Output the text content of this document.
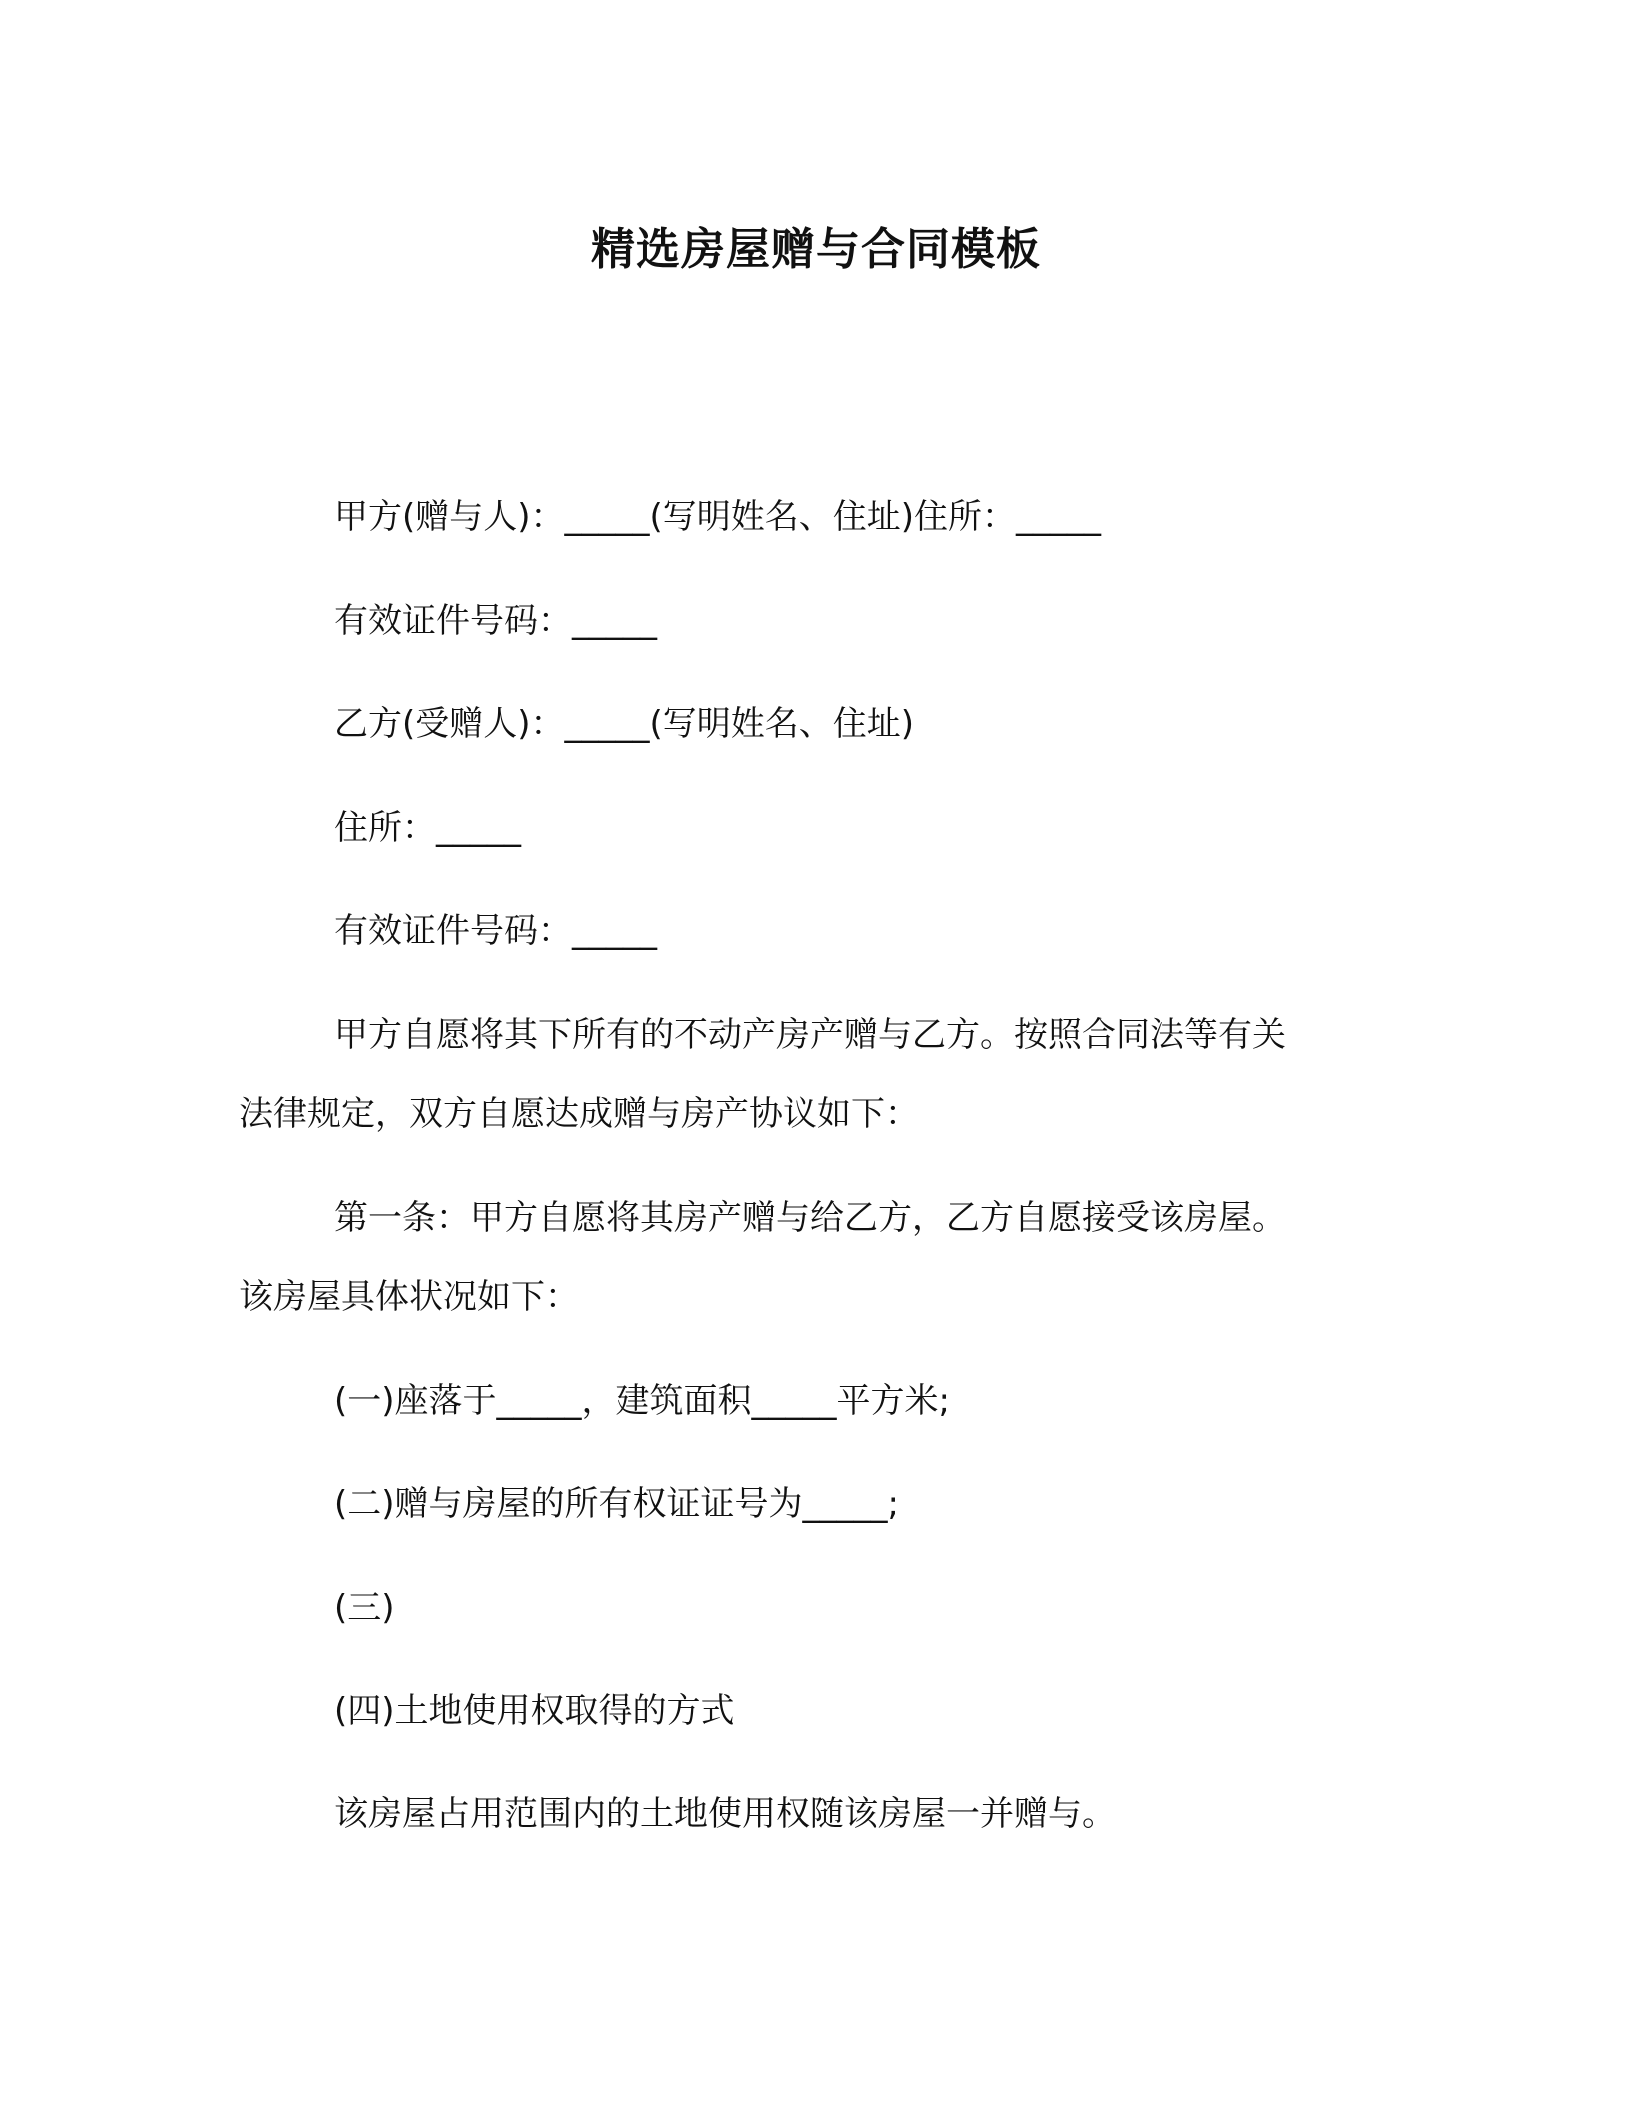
精选房屋赠与合同模板
甲方(赠与人)：_____(写明姓名、住址)住所：_____
有效证件号码：_____
乙方(受赠人)：_____(写明姓名、住址)
住所：_____
有效证件号码：_____
甲方自愿将其下所有的不动产房产赠与乙方。按照合同法等有关
法律规定，双方自愿达成赠与房产协议如下：
第一条：甲方自愿将其房产赠与给乙方，乙方自愿接受该房屋。
该房屋具体状况如下：
(一)座落于_____，建筑面积_____平方米;
(二)赠与房屋的所有权证证号为_____;
(三)
(四)土地使用权取得的方式
该房屋占用范围内的土地使用权随该房屋一并赠与。
